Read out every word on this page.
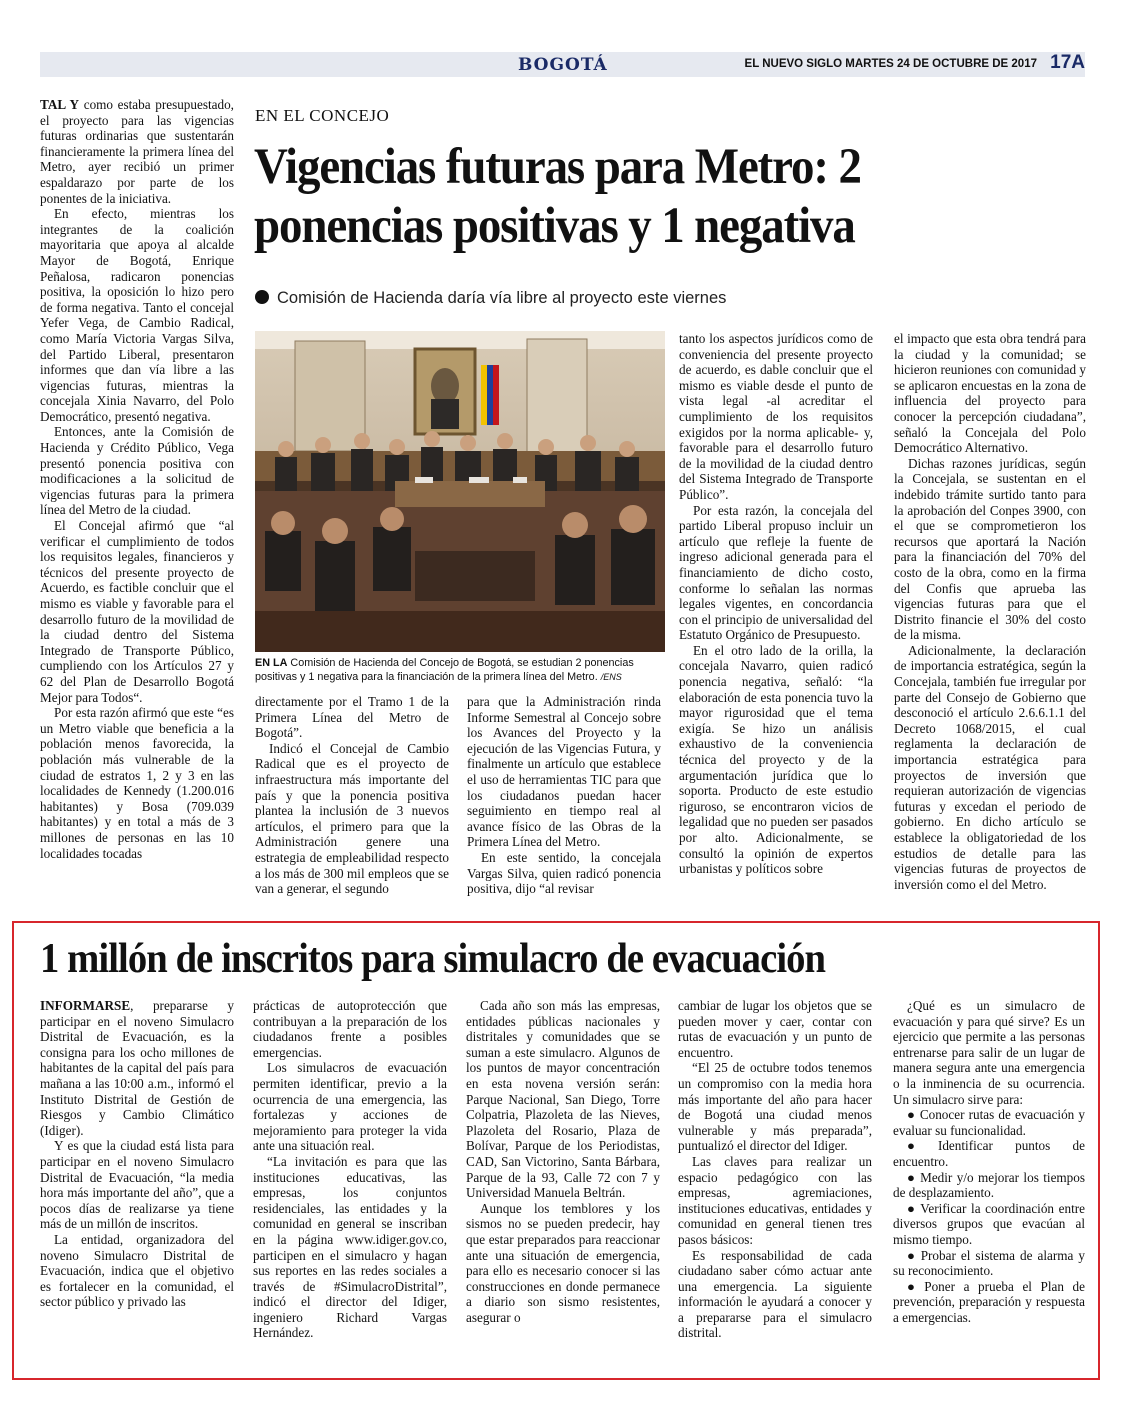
BOGOTÁ	EL NUEVO SIGLO MARTES 24 DE OCTUBRE DE 2017 17A

TAL Y como estaba presupuestado, el proyecto para las vigencias futuras ordinarias que sustentarán financieramente la primera línea del Metro, ayer recibió un primer espaldarazo por parte de los ponentes de la iniciativa.

En efecto, mientras los integrantes de la coalición mayoritaria que apoya al alcalde Mayor de Bogotá, Enrique Peñalosa, radicaron ponencias positiva, la oposición lo hizo pero de forma negativa. Tanto el concejal Yefer Vega, de Cambio Radical, como María Victoria Vargas Silva, del Partido Liberal, presentaron informes que dan vía libre a las vigencias futuras, mientras la concejala Xinia Navarro, del Polo Democrático, presentó negativa.

Entonces, ante la Comisión de Hacienda y Crédito Público, Vega presentó ponencia positiva con modificaciones a la solicitud de vigencias futuras para la primera línea del Metro de la ciudad.

El Concejal afirmó que “al verificar el cumplimiento de todos los requisitos legales, financieros y técnicos del presente proyecto de Acuerdo, es factible concluir que el mismo es viable y favorable para el desarrollo futuro de la movilidad de la ciudad dentro del Sistema Integrado de Transporte Público, cumpliendo con los Artículos 27 y 62 del Plan de Desarrollo Bogotá Mejor para Todos“.

Por esta razón afirmó que este “es un Metro viable que beneficia a la población menos favorecida, la población más vulnerable de la ciudad de estratos 1, 2 y 3 en las localidades de Kennedy (1.200.016 habitantes) y Bosa (709.039 habitantes) y en total a más de 3 millones de personas en las 10 localidades tocadas

EN EL CONCEJO
Vigencias futuras para Metro: 2 ponencias positivas y 1 negativa
Comisión de Hacienda daría vía libre al proyecto este viernes
EN LA Comisión de Hacienda del Concejo de Bogotá, se estudian 2 ponencias positivas y 1 negativa para la financiación de la primera línea del Metro. /ENS

directamente por el Tramo 1 de la Primera Línea del Metro de Bogotá”.

Indicó el Concejal de Cambio Radical que es el proyecto de infraestructura más importante del país y que la ponencia positiva plantea la inclusión de 3 nuevos artículos, el primero para que la Administración genere una estrategia de empleabilidad respecto a los más de 300 mil empleos que se van a generar, el segundo

para que la Administración rinda Informe Semestral al Concejo sobre los Avances del Proyecto y la ejecución de las Vigencias Futura, y finalmente un artículo que establece el uso de herramientas TIC para que los ciudadanos puedan hacer seguimiento en tiempo real al avance físico de las Obras de la Primera Línea del Metro.

En este sentido, la concejala Vargas Silva, quien radicó ponencia positiva, dijo “al revisar

tanto los aspectos jurídicos como de conveniencia del presente proyecto de acuerdo, es dable concluir que el mismo es viable desde el punto de vista legal -al acreditar el cumplimiento de los requisitos exigidos por la norma aplicable- y, favorable para el desarrollo futuro de la movilidad de la ciudad dentro del Sistema Integrado de Transporte Público”.

Por esta razón, la concejala del partido Liberal propuso incluir un artículo que refleje la fuente de ingreso adicional generada para el financiamiento de dicho costo, conforme lo señalan las normas legales vigentes, en concordancia con el principio de universalidad del Estatuto Orgánico de Presupuesto.

En el otro lado de la orilla, la concejala Navarro, quien radicó ponencia negativa, señaló: “la elaboración de esta ponencia tuvo la mayor rigurosidad que el tema exigía. Se hizo un análisis exhaustivo de la conveniencia técnica del proyecto y de la argumentación jurídica que lo soporta. Producto de este estudio riguroso, se encontraron vicios de legalidad que no pueden ser pasados por alto. Adicionalmente, se consultó la opinión de expertos urbanistas y políticos sobre

el impacto que esta obra tendrá para la ciudad y la comunidad; se hicieron reuniones con comunidad y se aplicaron encuestas en la zona de influencia del proyecto para conocer la percepción ciudadana”, señaló la Concejala del Polo Democrático Alternativo.

Dichas razones jurídicas, según la Concejala, se sustentan en el indebido trámite surtido tanto para la aprobación del Conpes 3900, con el que se comprometieron los recursos que aportará la Nación para la financiación del 70% del costo de la obra, como en la firma del Confis que aprueba las vigencias futuras para que el Distrito financie el 30% del costo de la misma.

Adicionalmente, la declaración de importancia estratégica, según la Concejala, también fue irregular por parte del Consejo de Gobierno que desconoció el artículo 2.6.6.1.1 del Decreto 1068/2015, el cual reglamenta la declaración de importancia estratégica para proyectos de inversión que requieran autorización de vigencias futuras y excedan el periodo de gobierno. En dicho artículo se establece la obligatoriedad de los estudios de detalle para las vigencias futuras de proyectos de inversión como el del Metro.

1 millón de inscritos para simulacro de evacuación

INFORMARSE, prepararse y participar en el noveno Simulacro Distrital de Evacuación, es la consigna para los ocho millones de habitantes de la capital del país para mañana a las 10:00 a.m., informó el Instituto Distrital de Gestión de Riesgos y Cambio Climático (Idiger).

Y es que la ciudad está lista para participar en el noveno Simulacro Distrital de Evacuación, “la media hora más importante del año”, que a pocos días de realizarse ya tiene más de un millón de inscritos.

La entidad, organizadora del noveno Simulacro Distrital de Evacuación, indica que el objetivo es fortalecer en la comunidad, el sector público y privado las

prácticas de autoprotección que contribuyan a la preparación de los ciudadanos frente a posibles emergencias.

Los simulacros de evacuación permiten identificar, previo a la ocurrencia de una emergencia, las fortalezas y acciones de mejoramiento para proteger la vida ante una situación real.

“La invitación es para que las instituciones educativas, las empresas, los conjuntos residenciales, las entidades y la comunidad en general se inscriban en la página www.idiger.gov.co, participen en el simulacro y hagan sus reportes en las redes sociales a través de #SimulacroDistrital”, indicó el director del Idiger, ingeniero Richard Vargas Hernández.

Cada año son más las empresas, entidades públicas nacionales y distritales y comunidades que se suman a este simulacro. Algunos de los puntos de mayor concentración en esta novena versión serán: Parque Nacional, San Diego, Torre Colpatria, Plazoleta de las Nieves, Plazoleta del Rosario, Plaza de Bolívar, Parque de los Periodistas, CAD, San Victorino, Santa Bárbara, Parque de la 93, Calle 72 con 7 y Universidad Manuela Beltrán.

Aunque los temblores y los sismos no se pueden predecir, hay que estar preparados para reaccionar ante una situación de emergencia, para ello es necesario conocer si las construcciones en donde permanece a diario son sismo resistentes, asegurar o

cambiar de lugar los objetos que se pueden mover y caer, contar con rutas de evacuación y un punto de encuentro.

“El 25 de octubre todos tenemos un compromiso con la media hora más importante del año para hacer de Bogotá una ciudad menos vulnerable y más preparada”, puntualizó el director del Idiger.

Las claves para realizar un espacio pedagógico con las empresas, agremiaciones, instituciones educativas, entidades y comunidad en general tienen tres pasos básicos:

Es responsabilidad de cada ciudadano saber cómo actuar ante una emergencia. La siguiente información le ayudará a conocer y a prepararse para el simulacro distrital.

¿Qué es un simulacro de evacuación y para qué sirve? Es un ejercicio que permite a las personas entrenarse para salir de un lugar de manera segura ante una emergencia o la inminencia de su ocurrencia. Un simulacro sirve para:

● Conocer rutas de evacuación y evaluar su funcionalidad.
● Identificar puntos de encuentro.
● Medir y/o mejorar los tiempos de desplazamiento.
● Verificar la coordinación entre diversos grupos que evacúan al mismo tiempo.
● Probar el sistema de alarma y su reconocimiento.
● Poner a prueba el Plan de prevención, preparación y respuesta a emergencias.
